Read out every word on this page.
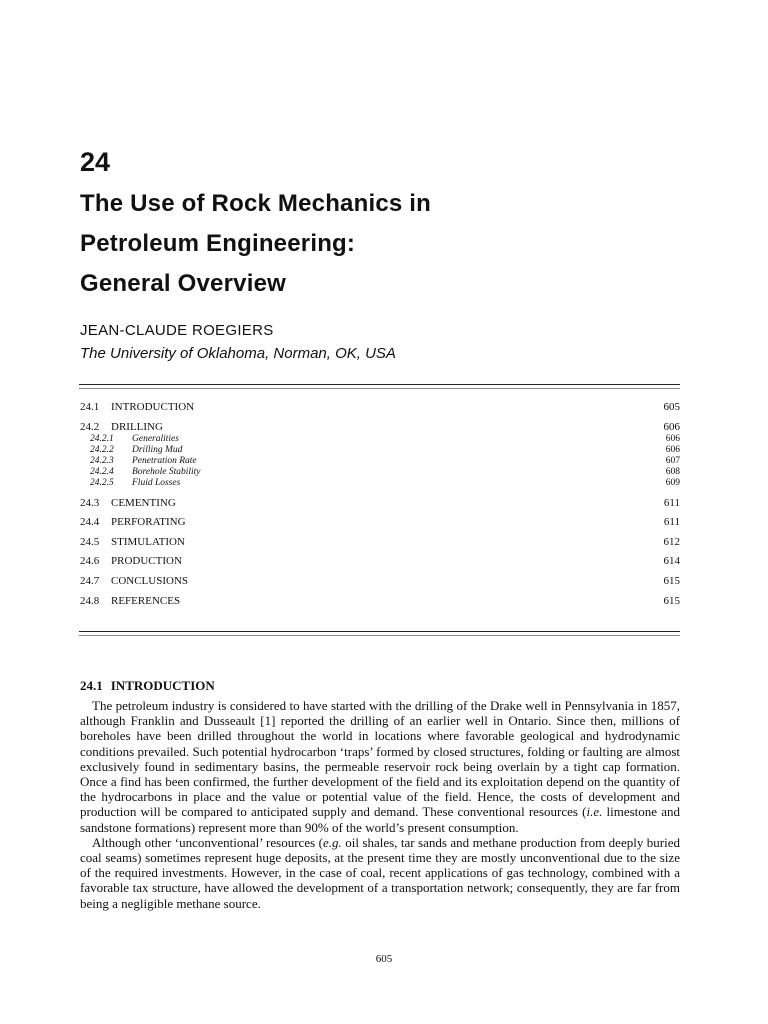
24
The Use of Rock Mechanics in
Petroleum Engineering:
General Overview
JEAN-CLAUDE ROEGIERS
The University of Oklahoma, Norman, OK, USA
24.1 INTRODUCTION	605
24.2 DRILLING	606
24.2.1 Generalities	606
24.2.2 Drilling Mud	606
24.2.3 Penetration Rate	607
24.2.4 Borehole Stability	608
24.2.5 Fluid Losses	609
24.3 CEMENTING	611
24.4 PERFORATING	611
24.5 STIMULATION	612
24.6 PRODUCTION	614
24.7 CONCLUSIONS	615
24.8 REFERENCES	615
24.1 INTRODUCTION

The petroleum industry is considered to have started with the drilling of the Drake well in Pennsylvania in 1857, although Franklin and Dusseault [1] reported the drilling of an earlier well in Ontario. Since then, millions of boreholes have been drilled throughout the world in locations where favorable geological and hydrodynamic conditions prevailed. Such potential hydrocarbon ‘traps’ formed by closed structures, folding or faulting are almost exclusively found in sedimentary basins, the permeable reservoir rock being overlain by a tight cap formation. Once a find has been confirmed, the further development of the field and its exploitation depend on the quantity of the hydrocarbons in place and the value or potential value of the field. Hence, the costs of development and production will be compared to anticipated supply and demand. These conventional resources (i.e. limestone and sandstone formations) represent more than 90% of the world’s present consumption.

Although other ‘unconventional’ resources (e.g. oil shales, tar sands and methane production from deeply buried coal seams) sometimes represent huge deposits, at the present time they are mostly unconventional due to the size of the required investments. However, in the case of coal, recent applications of gas technology, combined with a favorable tax structure, have allowed the development of a transportation network; consequently, they are far from being a negligible methane source.

605
